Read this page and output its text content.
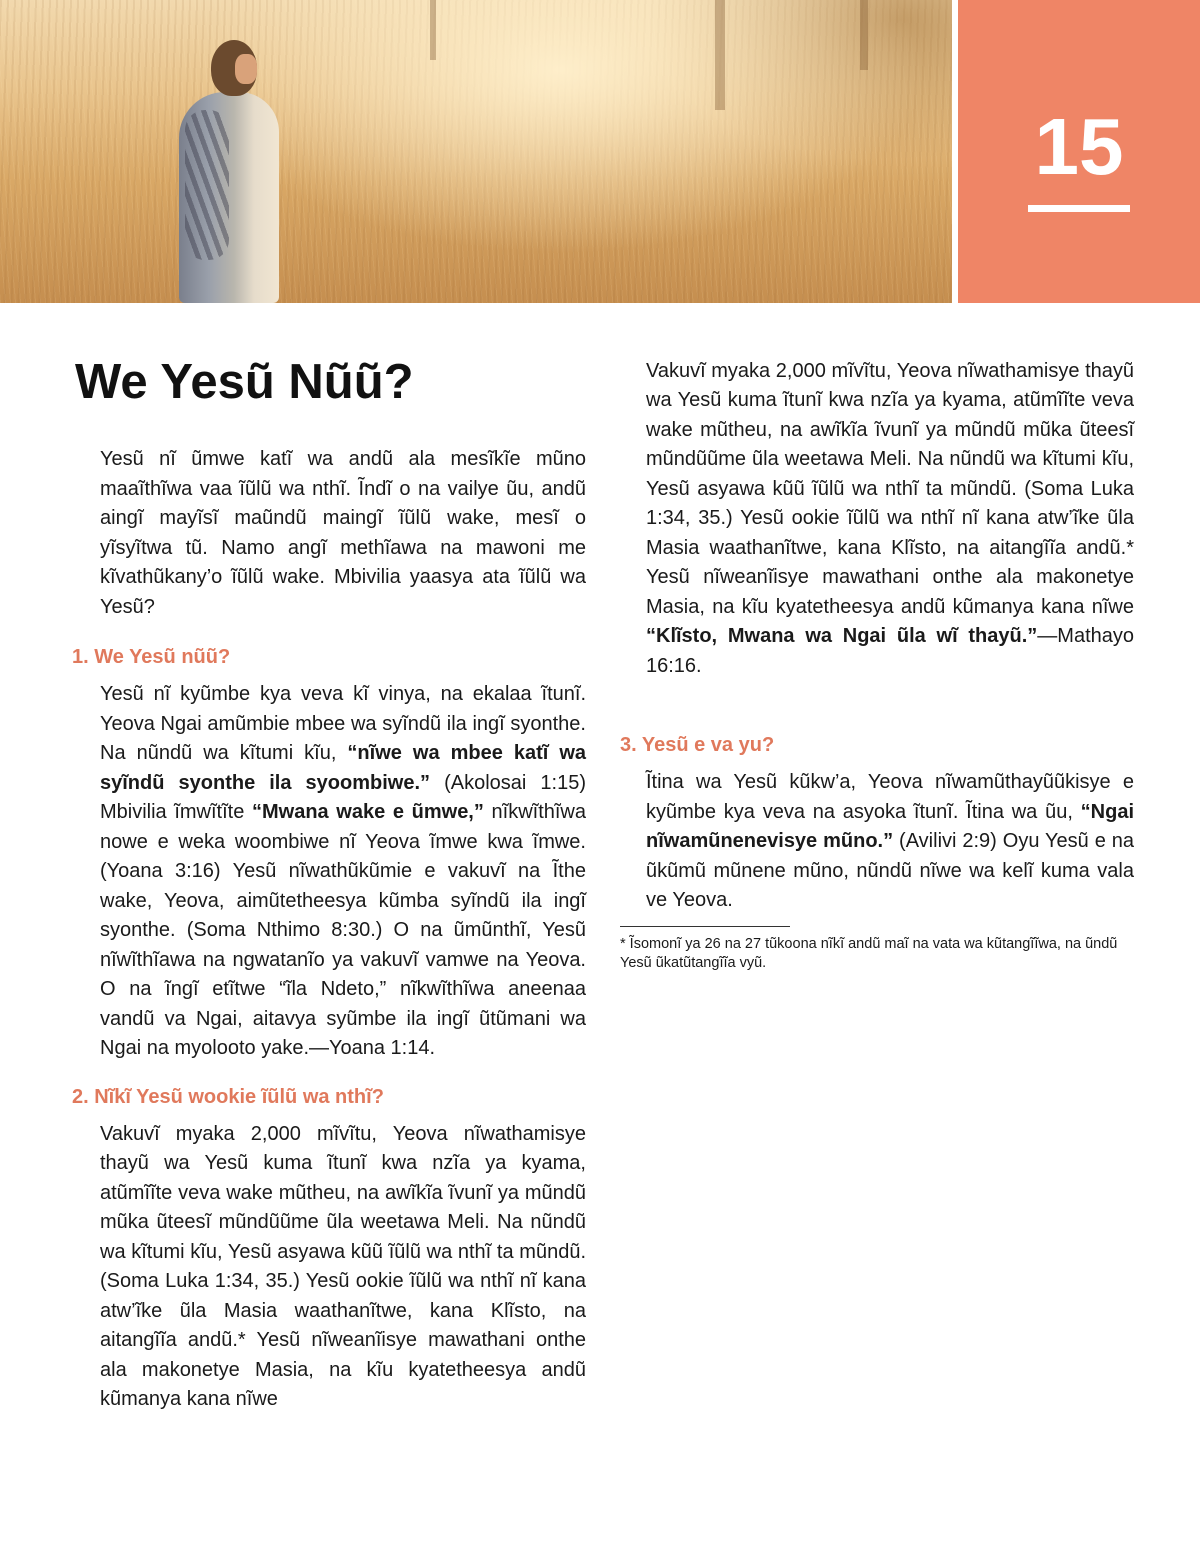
15
We Yesũ Nũũ?

Yesũ nĩ ũmwe katĩ wa andũ ala mesĩkĩe mũno maaĩthĩwa vaa ĩũlũ wa nthĩ. Ĩndĩ o na vailye ũu, andũ aingĩ mayĩsĩ maũndũ maingĩ ĩũlũ wake, mesĩ o yĩsyĩtwa tũ. Namo angĩ methĩawa na mawoni me kĩvathũkany’o ĩũlũ wake. Mbivilia yaasya ata ĩũlũ wa Yesũ?

1. We Yesũ nũũ?

Yesũ nĩ kyũmbe kya veva kĩ vinya, na ekalaa ĩtunĩ. Yeova Ngai amũmbie mbee wa syĩndũ ila ingĩ syonthe. Na nũndũ wa kĩtumi kĩu, “nĩwe wa mbee katĩ wa syĩndũ syonthe ila syoombiwe.” (Akolosai 1:15) Mbivilia ĩmwĩtĩte “Mwana wake e ũmwe,” nĩkwĩthĩwa nowe e weka woombiwe nĩ Yeova ĩmwe kwa ĩmwe. (Yoana 3:16) Yesũ nĩwathũkũmie e vakuvĩ na Ĩthe wake, Yeova, aimũtetheesya kũmba syĩndũ ila ingĩ syonthe. (Soma Nthimo 8:30.) O na ũmũnthĩ, Yesũ nĩwĩthĩawa na ngwatanĩo ya vakuvĩ vamwe na Yeova. O na ĩngĩ etĩtwe “ĩla Ndeto,” nĩkwĩthĩwa aneenaa vandũ va Ngai, aitavya syũmbe ila ingĩ ũtũmani wa Ngai na myolooto yake.—Yoana 1:14.

2. Nĩkĩ Yesũ wookie ĩũlũ wa nthĩ?

Vakuvĩ myaka 2,000 mĩvĩtu, Yeova nĩwathamisye thayũ wa Yesũ kuma ĩtunĩ kwa nzĩa ya kyama, atũmĩĩte veva wake mũtheu, na awĩkĩa ĩvunĩ ya mũndũ mũka ũteesĩ mũndũũme ũla weetawa Meli. Na nũndũ wa kĩtumi kĩu, Yesũ asyawa kũũ ĩũlũ wa nthĩ ta mũndũ. (Soma Luka 1:34, 35.) Yesũ ookie ĩũlũ wa nthĩ nĩ kana atw’ĩke ũla Masia waathanĩtwe, kana Klĩsto, na aitangĩĩa andũ.* Yesũ nĩweanĩisye mawathani onthe ala makonetye Masia, na kĩu kyatetheesya andũ kũmanya kana nĩwe

Vakuvĩ myaka 2,000 mĩvĩtu, Yeova nĩwathamisye thayũ wa Yesũ kuma ĩtunĩ kwa nzĩa ya kyama, atũmĩĩte veva wake mũtheu, na awĩkĩa ĩvunĩ ya mũndũ mũka ũteesĩ mũndũũme ũla weetawa Meli. Na nũndũ wa kĩtumi kĩu, Yesũ asyawa kũũ ĩũlũ wa nthĩ ta mũndũ. (Soma Luka 1:34, 35.) Yesũ ookie ĩũlũ wa nthĩ nĩ kana atw’ĩke ũla Masia waathanĩtwe, kana Klĩsto, na aitangĩĩa andũ.* Yesũ nĩweanĩisye mawathani onthe ala makonetye Masia, na kĩu kyatetheesya andũ kũmanya kana nĩwe “Klĩsto, Mwana wa Ngai ũla wĩ thayũ.”—Mathayo 16:16.

3. Yesũ e va yu?

Ĩtina wa Yesũ kũkw’a, Yeova nĩwamũthayũũkisye e kyũmbe kya veva na asyoka ĩtunĩ. Ĩtina wa ũu, “Ngai nĩwamũnenevisye mũno.” (Avilivi 2:9) Oyu Yesũ e na ũkũmũ mũnene mũno, nũndũ nĩwe wa kelĩ kuma vala ve Yeova.

* Ĩsomonĩ ya 26 na 27 tũkoona nĩkĩ andũ maĩ na vata wa kũtangĩĩwa, na ũndũ Yesũ ũkatũtangĩĩa vyũ.
